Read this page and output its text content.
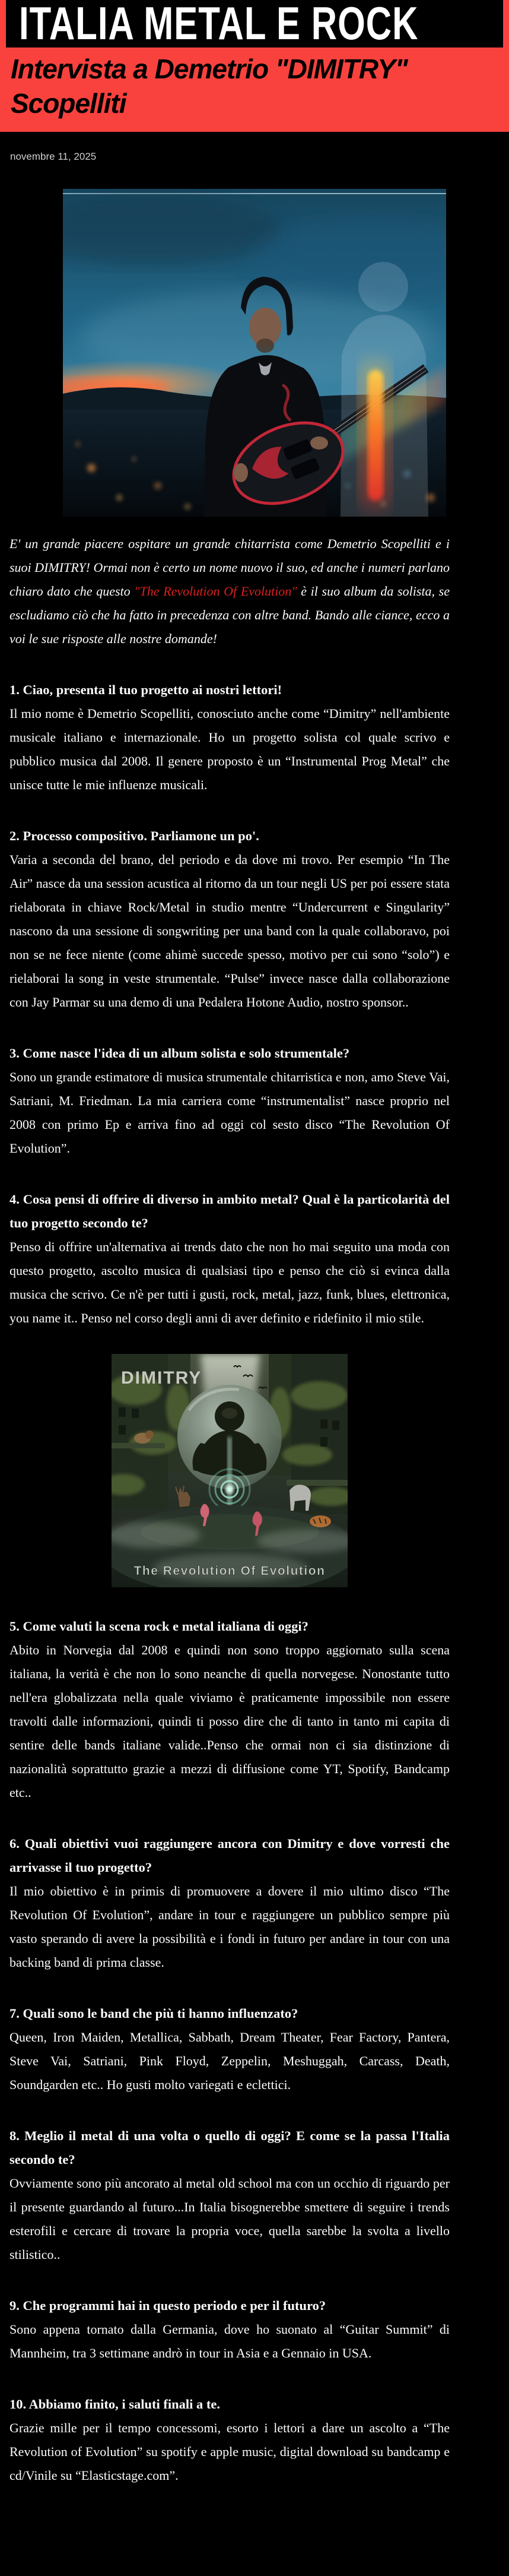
ITALIA METAL E ROCK
Intervista a Demetrio "DIMITRY" Scopelliti
novembre 11, 2025

E' un grande piacere ospitare un grande chitarrista come Demetrio Scopelliti e i suoi DIMITRY! Ormai non è certo un nome nuovo il suo, ed anche i numeri parlano chiaro dato che questo "The Revolution Of Evolution" è il suo album da solista, se escludiamo ciò che ha fatto in precedenza con altre band. Bando alle ciance, ecco a voi le sue risposte alle nostre domande!

1. Ciao, presenta il tuo progetto ai nostri lettori!

Il mio nome è Demetrio Scopelliti, conosciuto anche come “Dimitry” nell'ambiente musicale italiano e internazionale. Ho un progetto solista col quale scrivo e pubblico musica dal 2008. Il genere proposto è un “Instrumental Prog Metal” che unisce tutte le mie influenze musicali.

2. Processo compositivo. Parliamone un po'.

Varia a seconda del brano, del periodo e da dove mi trovo. Per esempio “In The Air” nasce da una session acustica al ritorno da un tour negli US per poi essere stata rielaborata in chiave Rock/Metal in studio mentre “Undercurrent e Singularity” nascono da una sessione di songwriting per una band con la quale collaboravo, poi non se ne fece niente (come ahimè succede spesso, motivo per cui sono “solo”) e rielaborai la song in veste strumentale. “Pulse” invece nasce dalla collaborazione con Jay Parmar su una demo di una Pedalera Hotone Audio, nostro sponsor..

3. Come nasce l'idea di un album solista e solo strumentale?

Sono un grande estimatore di musica strumentale chitarristica e non, amo Steve Vai, Satriani, M. Friedman. La mia carriera come “instrumentalist” nasce proprio nel 2008 con primo Ep e arriva fino ad oggi col sesto disco “The Revolution Of Evolution”.

4. Cosa pensi di offrire di diverso in ambito metal? Qual è la particolarità del tuo progetto secondo te?

Penso di offrire un'alternativa ai trends dato che non ho mai seguito una moda con questo progetto, ascolto musica di qualsiasi tipo e penso che ciò si evinca dalla musica che scrivo. Ce n'è per tutti i gusti, rock, metal, jazz, funk, blues, elettronica, you name it.. Penso nel corso degli anni di aver definito e ridefinito il mio stile.

DIMITRY
The Revolution Of Evolution
5. Come valuti la scena rock e metal italiana di oggi?

Abito in Norvegia dal 2008 e quindi non sono troppo aggiornato sulla scena italiana, la verità è che non lo sono neanche di quella norvegese. Nonostante tutto nell'era globalizzata nella quale viviamo è praticamente impossibile non essere travolti dalle informazioni, quindi ti posso dire che di tanto in tanto mi capita di sentire delle bands italiane valide..Penso che ormai non ci sia distinzione di nazionalità soprattutto grazie a mezzi di diffusione come YT, Spotify, Bandcamp etc..

6. Quali obiettivi vuoi raggiungere ancora con Dimitry e dove vorresti che arrivasse il tuo progetto?

Il mio obiettivo è in primis di promuovere a dovere il mio ultimo disco “The Revolution Of Evolution”, andare in tour e raggiungere un pubblico sempre più vasto sperando di avere la possibilità e i fondi in futuro per andare in tour con una backing band di prima classe.

7. Quali sono le band che più ti hanno influenzato?

Queen, Iron Maiden, Metallica, Sabbath, Dream Theater, Fear Factory, Pantera, Steve Vai, Satriani, Pink Floyd, Zeppelin, Meshuggah, Carcass, Death, Soundgarden etc.. Ho gusti molto variegati e eclettici.

8. Meglio il metal di una volta o quello di oggi? E come se la passa l'Italia secondo te?

Ovviamente sono più ancorato al metal old school ma con un occhio di riguardo per il presente guardando al futuro...In Italia bisognerebbe smettere di seguire i trends esterofili e cercare di trovare la propria voce, quella sarebbe la svolta a livello stilistico..

9. Che programmi hai in questo periodo e per il futuro?

Sono appena tornato dalla Germania, dove ho suonato al “Guitar Summit” di Mannheim, tra 3 settimane andrò in tour in Asia e a Gennaio in USA.

10. Abbiamo finito, i saluti finali a te.

Grazie mille per il tempo concessomi, esorto i lettori a dare un ascolto a “The Revolution of Evolution” su spotify e apple music, digital download su bandcamp e cd/Vinile su “Elasticstage.com”.
